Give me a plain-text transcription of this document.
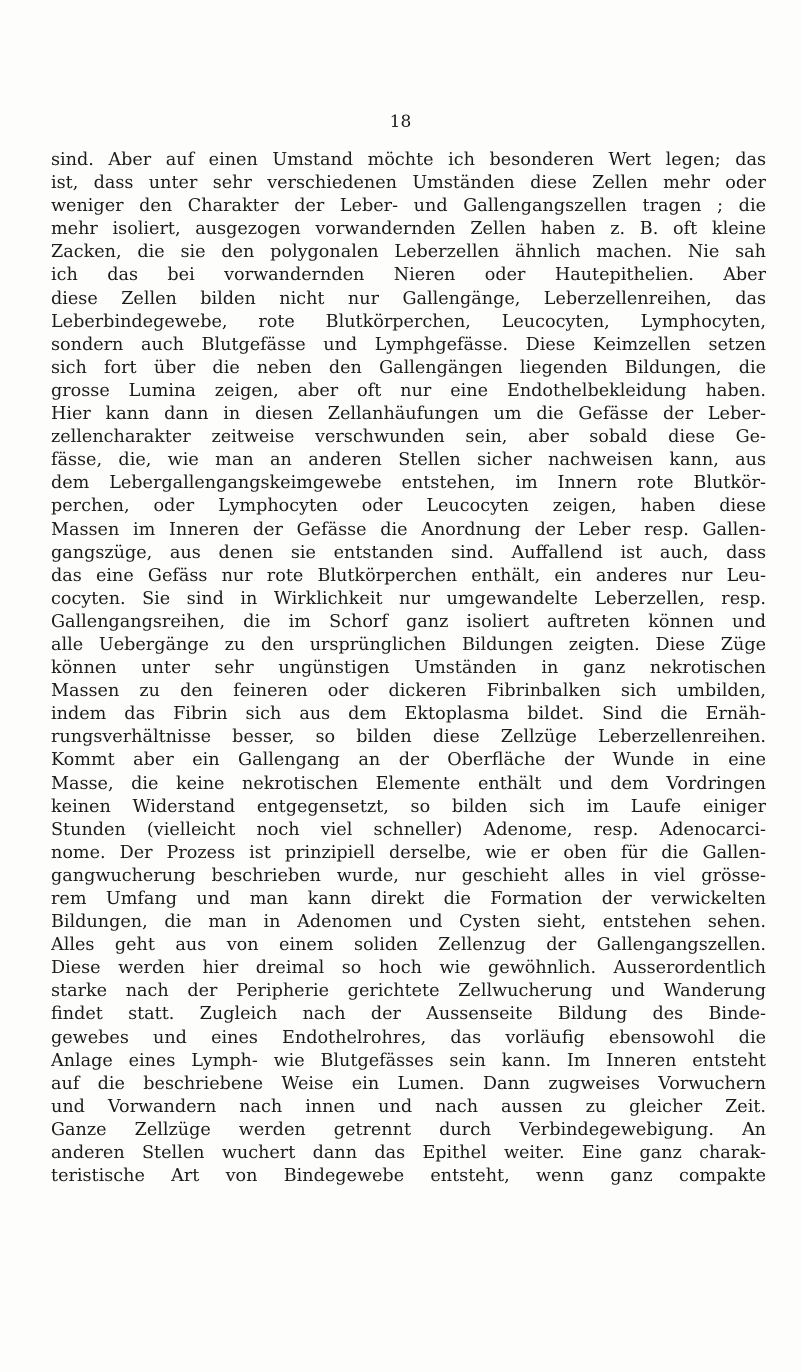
18
sind. Aber auf einen Umstand möchte ich besonderen Wert legen; das
ist, dass unter sehr verschiedenen Umständen diese Zellen mehr oder
weniger den Charakter der Leber- und Gallengangszellen tragen ; die
mehr isoliert, ausgezogen vorwandernden Zellen haben z. B. oft kleine
Zacken, die sie den polygonalen Leberzellen ähnlich machen. Nie sah
ich das bei vorwandernden Nieren oder Hautepithelien. Aber
diese Zellen bilden nicht nur Gallengänge, Leberzellenreihen, das
Leberbindegewebe, rote Blutkörperchen, Leucocyten, Lymphocyten,
sondern auch Blutgefässe und Lymphgefässe. Diese Keimzellen setzen
sich fort über die neben den Gallengängen liegenden Bildungen, die
grosse Lumina zeigen, aber oft nur eine Endothelbekleidung haben.
Hier kann dann in diesen Zellanhäufungen um die Gefässe der Leber-
zellencharakter zeitweise verschwunden sein, aber sobald diese Ge-
fässe, die, wie man an anderen Stellen sicher nachweisen kann, aus
dem Lebergallengangskeimgewebe entstehen, im Innern rote Blutkör-
perchen, oder Lymphocyten oder Leucocyten zeigen, haben diese
Massen im Inneren der Gefässe die Anordnung der Leber resp. Gallen-
gangszüge, aus denen sie entstanden sind. Auffallend ist auch, dass
das eine Gefäss nur rote Blutkörperchen enthält, ein anderes nur Leu-
cocyten. Sie sind in Wirklichkeit nur umgewandelte Leberzellen, resp.
Gallengangsreihen, die im Schorf ganz isoliert auftreten können und
alle Uebergänge zu den ursprünglichen Bildungen zeigten. Diese Züge
können unter sehr ungünstigen Umständen in ganz nekrotischen
Massen zu den feineren oder dickeren Fibrinbalken sich umbilden,
indem das Fibrin sich aus dem Ektoplasma bildet. Sind die Ernäh-
rungsverhältnisse besser, so bilden diese Zellzüge Leberzellenreihen.
Kommt aber ein Gallengang an der Oberfläche der Wunde in eine
Masse, die keine nekrotischen Elemente enthält und dem Vordringen
keinen Widerstand entgegensetzt, so bilden sich im Laufe einiger
Stunden (vielleicht noch viel schneller) Adenome, resp. Adenocarci-
nome. Der Prozess ist prinzipiell derselbe, wie er oben für die Gallen-
gangwucherung beschrieben wurde, nur geschieht alles in viel grösse-
rem Umfang und man kann direkt die Formation der verwickelten
Bildungen, die man in Adenomen und Cysten sieht, entstehen sehen.
Alles geht aus von einem soliden Zellenzug der Gallengangszellen.
Diese werden hier dreimal so hoch wie gewöhnlich. Ausserordentlich
starke nach der Peripherie gerichtete Zellwucherung und Wanderung
findet statt. Zugleich nach der Aussenseite Bildung des Binde-
gewebes und eines Endothelrohres, das vorläufig ebensowohl die
Anlage eines Lymph- wie Blutgefässes sein kann. Im Inneren entsteht
auf die beschriebene Weise ein Lumen. Dann zugweises Vorwuchern
und Vorwandern nach innen und nach aussen zu gleicher Zeit.
Ganze Zellzüge werden getrennt durch Verbindegewebigung. An
anderen Stellen wuchert dann das Epithel weiter. Eine ganz charak-
teristische Art von Bindegewebe entsteht, wenn ganz compakte
